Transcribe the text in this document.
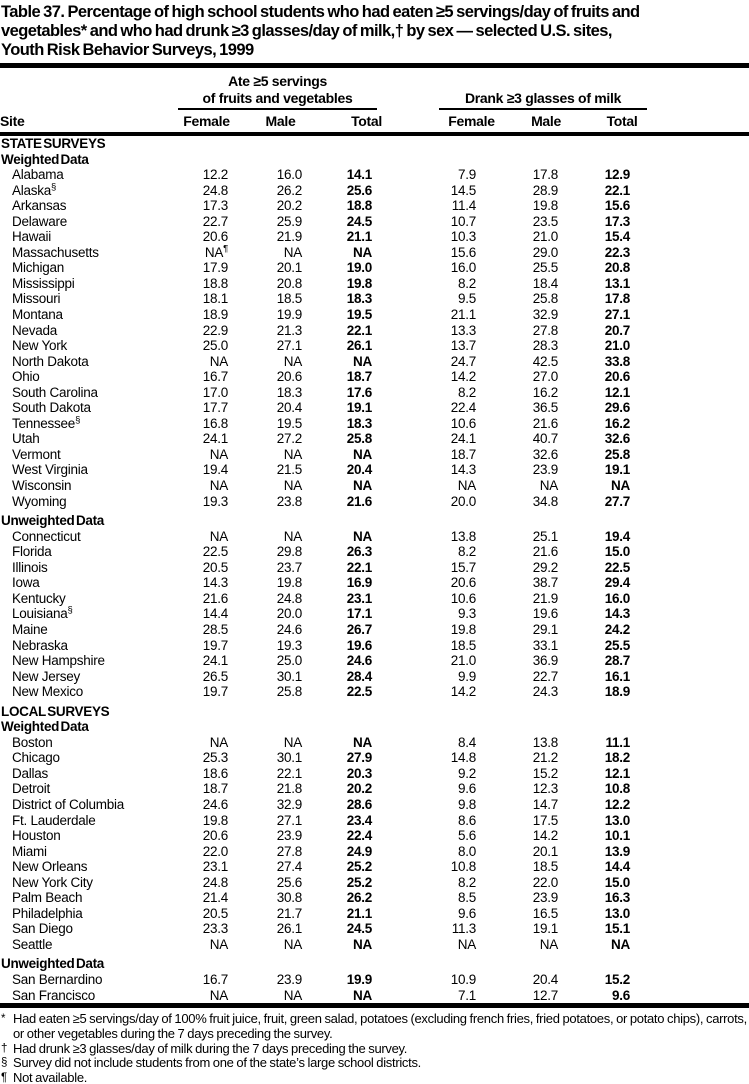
Table 37. Percentage of high school students who had eaten ≥5 servings/day of fruits and
vegetables* and who had drunk ≥3 glasses/day of milk,† by sex — selected U.S. sites,
Youth Risk Behavior Surveys, 1999

	Ate ≥5 servings
of fruits and vegetables			Drank ≥3 glasses of milk			

Site	Female	Male	Total	Female	Male	Total	
STATE SURVEYS							
Weighted Data							
Alabama	12.2	16.0	14.1	7.9	17.8	12.9	
Alaska§	24.8	26.2	25.6	14.5	28.9	22.1	
Arkansas	17.3	20.2	18.8	11.4	19.8	15.6	
Delaware	22.7	25.9	24.5	10.7	23.5	17.3	
Hawaii	20.6	21.9	21.1	10.3	21.0	15.4	
Massachusetts	NA¶	NA	NA	15.6	29.0	22.3	
Michigan	17.9	20.1	19.0	16.0	25.5	20.8	
Mississippi	18.8	20.8	19.8	8.2	18.4	13.1	
Missouri	18.1	18.5	18.3	9.5	25.8	17.8	
Montana	18.9	19.9	19.5	21.1	32.9	27.1	
Nevada	22.9	21.3	22.1	13.3	27.8	20.7	
New York	25.0	27.1	26.1	13.7	28.3	21.0	
North Dakota	NA	NA	NA	24.7	42.5	33.8	
Ohio	16.7	20.6	18.7	14.2	27.0	20.6	
South Carolina	17.0	18.3	17.6	8.2	16.2	12.1	
South Dakota	17.7	20.4	19.1	22.4	36.5	29.6	
Tennessee§	16.8	19.5	18.3	10.6	21.6	16.2	
Utah	24.1	27.2	25.8	24.1	40.7	32.6	
Vermont	NA	NA	NA	18.7	32.6	25.8	
West Virginia	19.4	21.5	20.4	14.3	23.9	19.1	
Wisconsin	NA	NA	NA	NA	NA	NA	
Wyoming	19.3	23.8	21.6	20.0	34.8	27.7	
Unweighted Data							
Connecticut	NA	NA	NA	13.8	25.1	19.4	
Florida	22.5	29.8	26.3	8.2	21.6	15.0	
Illinois	20.5	23.7	22.1	15.7	29.2	22.5	
Iowa	14.3	19.8	16.9	20.6	38.7	29.4	
Kentucky	21.6	24.8	23.1	10.6	21.9	16.0	
Louisiana§	14.4	20.0	17.1	9.3	19.6	14.3	
Maine	28.5	24.6	26.7	19.8	29.1	24.2	
Nebraska	19.7	19.3	19.6	18.5	33.1	25.5	
New Hampshire	24.1	25.0	24.6	21.0	36.9	28.7	
New Jersey	26.5	30.1	28.4	9.9	22.7	16.1	
New Mexico	19.7	25.8	22.5	14.2	24.3	18.9	
LOCAL SURVEYS							
Weighted Data							
Boston	NA	NA	NA	8.4	13.8	11.1	
Chicago	25.3	30.1	27.9	14.8	21.2	18.2	
Dallas	18.6	22.1	20.3	9.2	15.2	12.1	
Detroit	18.7	21.8	20.2	9.6	12.3	10.8	
District of Columbia	24.6	32.9	28.6	9.8	14.7	12.2	
Ft. Lauderdale	19.8	27.1	23.4	8.6	17.5	13.0	
Houston	20.6	23.9	22.4	5.6	14.2	10.1	
Miami	22.0	27.8	24.9	8.0	20.1	13.9	
New Orleans	23.1	27.4	25.2	10.8	18.5	14.4	
New York City	24.8	25.6	25.2	8.2	22.0	15.0	
Palm Beach	21.4	30.8	26.2	8.5	23.9	16.3	
Philadelphia	20.5	21.7	21.1	9.6	16.5	13.0	
San Diego	23.3	26.1	24.5	11.3	19.1	15.1	
Seattle	NA	NA	NA	NA	NA	NA	
Unweighted Data							
San Bernardino	16.7	23.9	19.9	10.9	20.4	15.2	
San Francisco	NA	NA	NA	7.1	12.7	9.6	
* Had eaten ≥5 servings/day of 100% fruit juice, fruit, green salad, potatoes (excluding french fries, fried potatoes, or potato chips), carrots, or other vegetables during the 7 days preceding the survey.
† Had drunk ≥3 glasses/day of milk during the 7 days preceding the survey.
§ Survey did not include students from one of the state’s large school districts.
¶ Not available.
